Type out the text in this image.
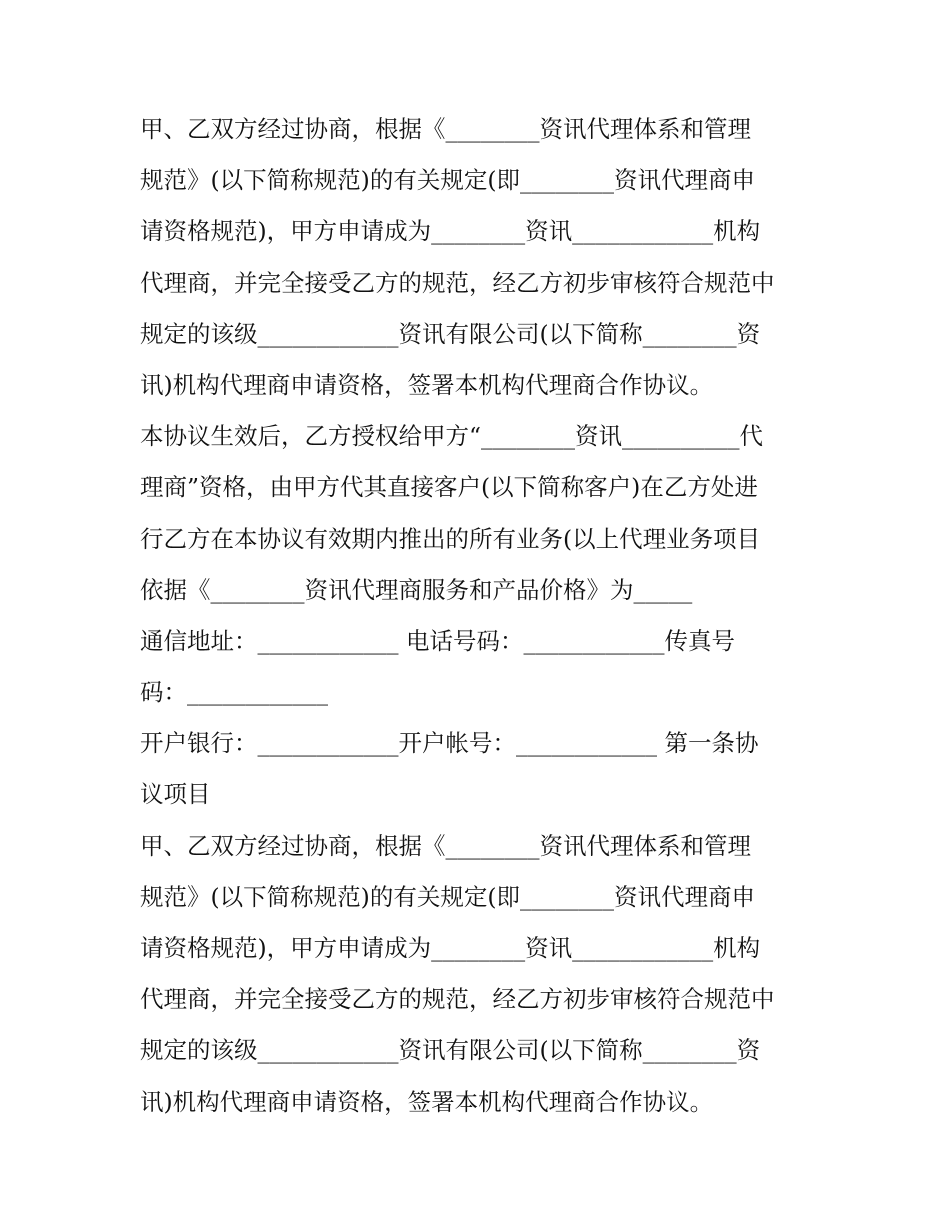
甲、乙双方经过协商，根据《________资讯代理体系和管理
规范》(以下简称规范)的有关规定(即________资讯代理商申
请资格规范)，甲方申请成为________资讯____________机构
代理商，并完全接受乙方的规范，经乙方初步审核符合规范中
规定的该级____________资讯有限公司(以下简称________资
讯)机构代理商申请资格，签署本机构代理商合作协议。
本协议生效后，乙方授权给甲方“________资讯__________代
理商”资格，由甲方代其直接客户(以下简称客户)在乙方处进
行乙方在本协议有效期内推出的所有业务(以上代理业务项目
依据《________资讯代理商服务和产品价格》为_____
通信地址：____________ 电话号码：____________传真号
码：____________
开户银行：____________开户帐号：____________ 第一条协
议项目
甲、乙双方经过协商，根据《________资讯代理体系和管理
规范》(以下简称规范)的有关规定(即________资讯代理商申
请资格规范)，甲方申请成为________资讯____________机构
代理商，并完全接受乙方的规范，经乙方初步审核符合规范中
规定的该级____________资讯有限公司(以下简称________资
讯)机构代理商申请资格，签署本机构代理商合作协议。
